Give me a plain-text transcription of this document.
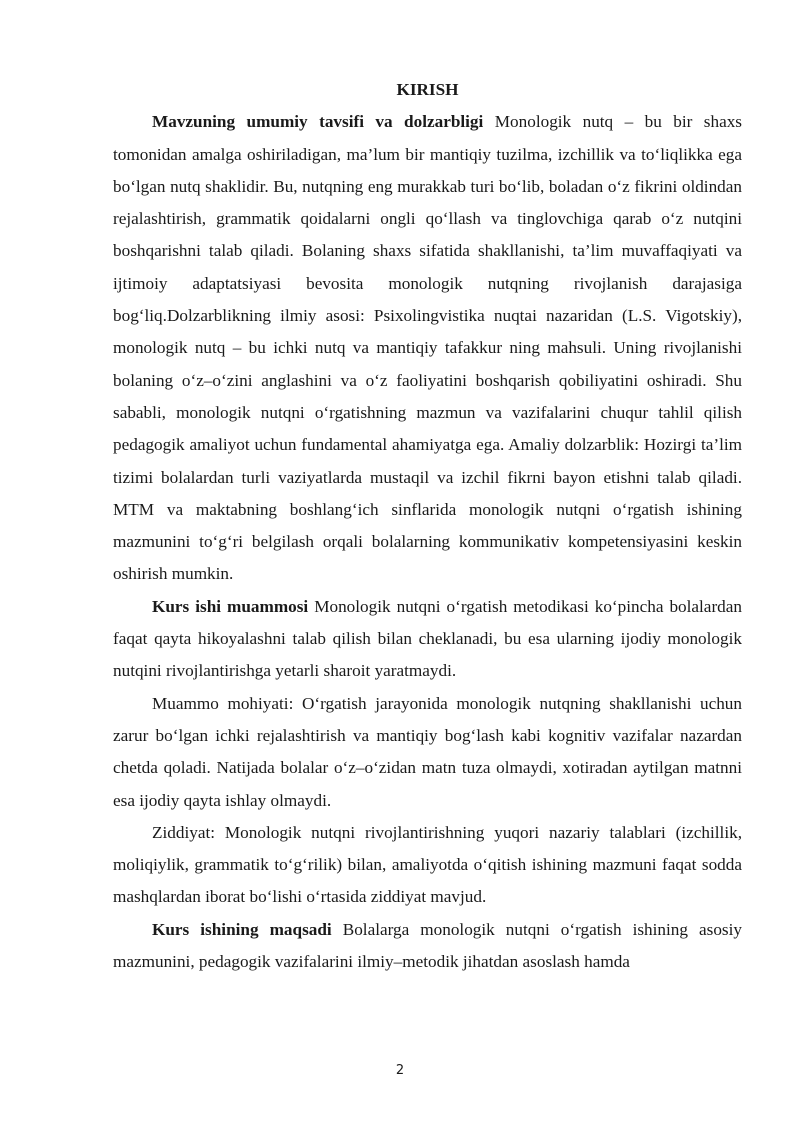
KIRISH

Mavzuning umumiy tavsifi va dolzarbligi Monologik nutq – bu bir shaxs tomonidan amalga oshiriladigan, ma’lum bir mantiqiy tuzilma, izchillik va to‘liqlikka ega bo‘lgan nutq shaklidir. Bu, nutqning eng murakkab turi bo‘lib, boladan o‘z fikrini oldindan rejalashtirish, grammatik qoidalarni ongli qo‘llash va tinglovchiga qarab o‘z nutqini boshqarishni talab qiladi. Bolaning shaxs sifatida shakllanishi, ta’lim muvaffaqiyati va ijtimoiy adaptatsiyasi bevosita monologik nutqning rivojlanish darajasiga bog‘liq.Dolzarblikning ilmiy asosi: Psixolingvistika nuqtai nazaridan (L.S. Vigotskiy), monologik nutq – bu ichki nutq va mantiqiy tafakkur ning mahsuli. Uning rivojlanishi bolaning o‘z–o‘zini anglashini va o‘z faoliyatini boshqarish qobiliyatini oshiradi. Shu sababli, monologik nutqni o‘rgatishning mazmun va vazifalarini chuqur tahlil qilish pedagogik amaliyot uchun fundamental ahamiyatga ega. Amaliy dolzarblik: Hozirgi ta’lim tizimi bolalardan turli vaziyatlarda mustaqil va izchil fikrni bayon etishni talab qiladi. MTM va maktabning boshlang‘ich sinflarida monologik nutqni o‘rgatish ishining mazmunini to‘g‘ri belgilash orqali bolalarning kommunikativ kompetensiyasini keskin oshirish mumkin.

Kurs ishi muammosi Monologik nutqni o‘rgatish metodikasi ko‘pincha bolalardan faqat qayta hikoyalashni talab qilish bilan cheklanadi, bu esa ularning ijodiy monologik nutqini rivojlantirishga yetarli sharoit yaratmaydi.

Muammo mohiyati: O‘rgatish jarayonida monologik nutqning shakllanishi uchun zarur bo‘lgan ichki rejalashtirish va mantiqiy bog‘lash kabi kognitiv vazifalar nazardan chetda qoladi. Natijada bolalar o‘z–o‘zidan matn tuza olmaydi, xotiradan aytilgan matnni esa ijodiy qayta ishlay olmaydi.

Ziddiyat: Monologik nutqni rivojlantirishning yuqori nazariy talablari (izchillik, moliqiylik, grammatik to‘g‘rilik) bilan, amaliyotda o‘qitish ishining mazmuni faqat sodda mashqlardan iborat bo‘lishi o‘rtasida ziddiyat mavjud.

Kurs ishining maqsadi Bolalarga monologik nutqni o‘rgatish ishining asosiy mazmunini, pedagogik vazifalarini ilmiy–metodik jihatdan asoslash hamda

2
